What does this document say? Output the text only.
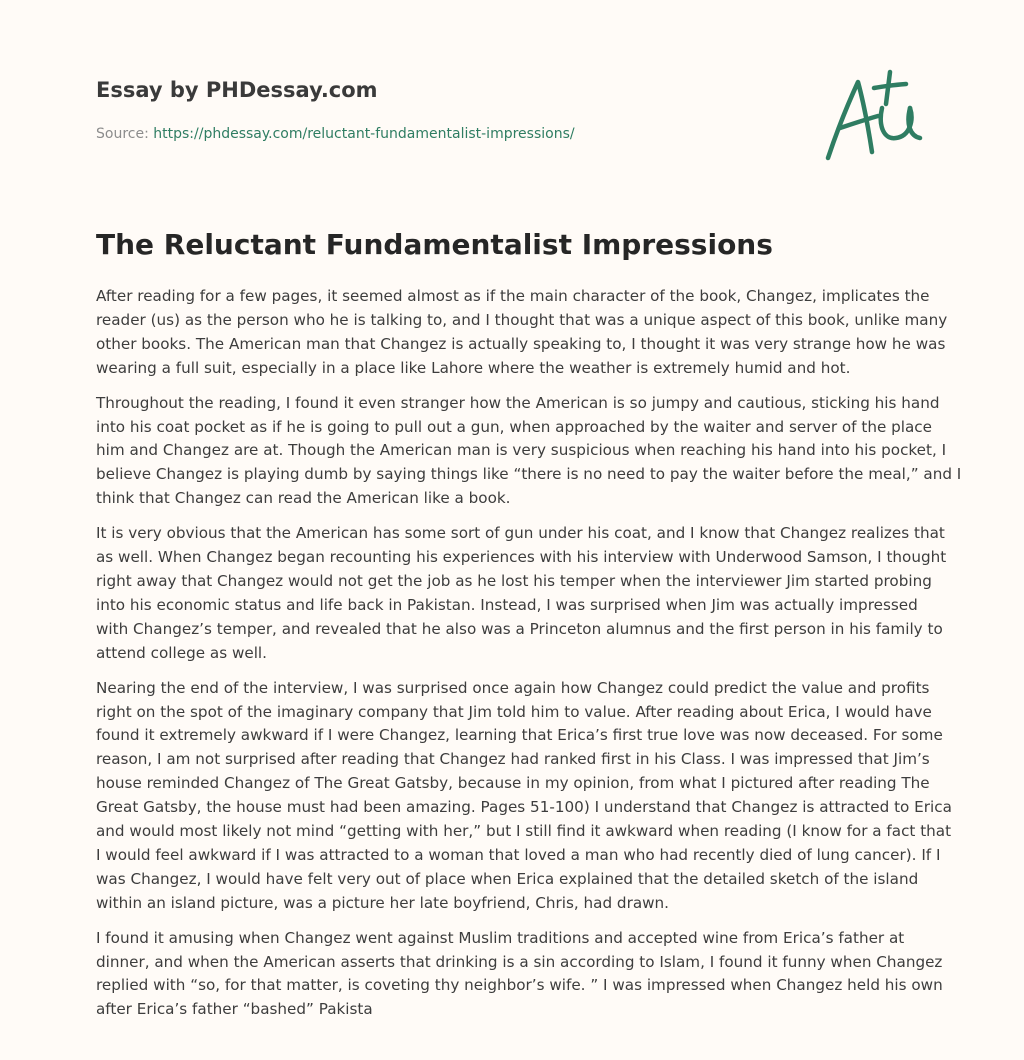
Essay by PHDessay.com

Source: https://phdessay.com/reluctant-fundamentalist-impressions/

The Reluctant Fundamentalist Impressions

After reading for a few pages, it seemed almost as if the main character of the book, Changez, implicates the
reader (us) as the person who he is talking to, and I thought that was a unique aspect of this book, unlike many
other books. The American man that Changez is actually speaking to, I thought it was very strange how he was
wearing a full suit, especially in a place like Lahore where the weather is extremely humid and hot.

Throughout the reading, I found it even stranger how the American is so jumpy and cautious, sticking his hand
into his coat pocket as if he is going to pull out a gun, when approached by the waiter and server of the place
him and Changez are at. Though the American man is very suspicious when reaching his hand into his pocket, I
believe Changez is playing dumb by saying things like “there is no need to pay the waiter before the meal,” and I
think that Changez can read the American like a book.

It is very obvious that the American has some sort of gun under his coat, and I know that Changez realizes that
as well. When Changez began recounting his experiences with his interview with Underwood Samson, I thought
right away that Changez would not get the job as he lost his temper when the interviewer Jim started probing
into his economic status and life back in Pakistan. Instead, I was surprised when Jim was actually impressed
with Changez’s temper, and revealed that he also was a Princeton alumnus and the first person in his family to
attend college as well.

Nearing the end of the interview, I was surprised once again how Changez could predict the value and profits
right on the spot of the imaginary company that Jim told him to value. After reading about Erica, I would have
found it extremely awkward if I were Changez, learning that Erica’s first true love was now deceased. For some
reason, I am not surprised after reading that Changez had ranked first in his Class. I was impressed that Jim’s
house reminded Changez of The Great Gatsby, because in my opinion, from what I pictured after reading The
Great Gatsby, the house must had been amazing. Pages 51-100) I understand that Changez is attracted to Erica
and would most likely not mind “getting with her,” but I still find it awkward when reading (I know for a fact that
I would feel awkward if I was attracted to a woman that loved a man who had recently died of lung cancer). If I
was Changez, I would have felt very out of place when Erica explained that the detailed sketch of the island
within an island picture, was a picture her late boyfriend, Chris, had drawn.

I found it amusing when Changez went against Muslim traditions and accepted wine from Erica’s father at
dinner, and when the American asserts that drinking is a sin according to Islam, I found it funny when Changez
replied with “so, for that matter, is coveting thy neighbor’s wife. ” I was impressed when Changez held his own
after Erica’s father “bashed” Pakista
